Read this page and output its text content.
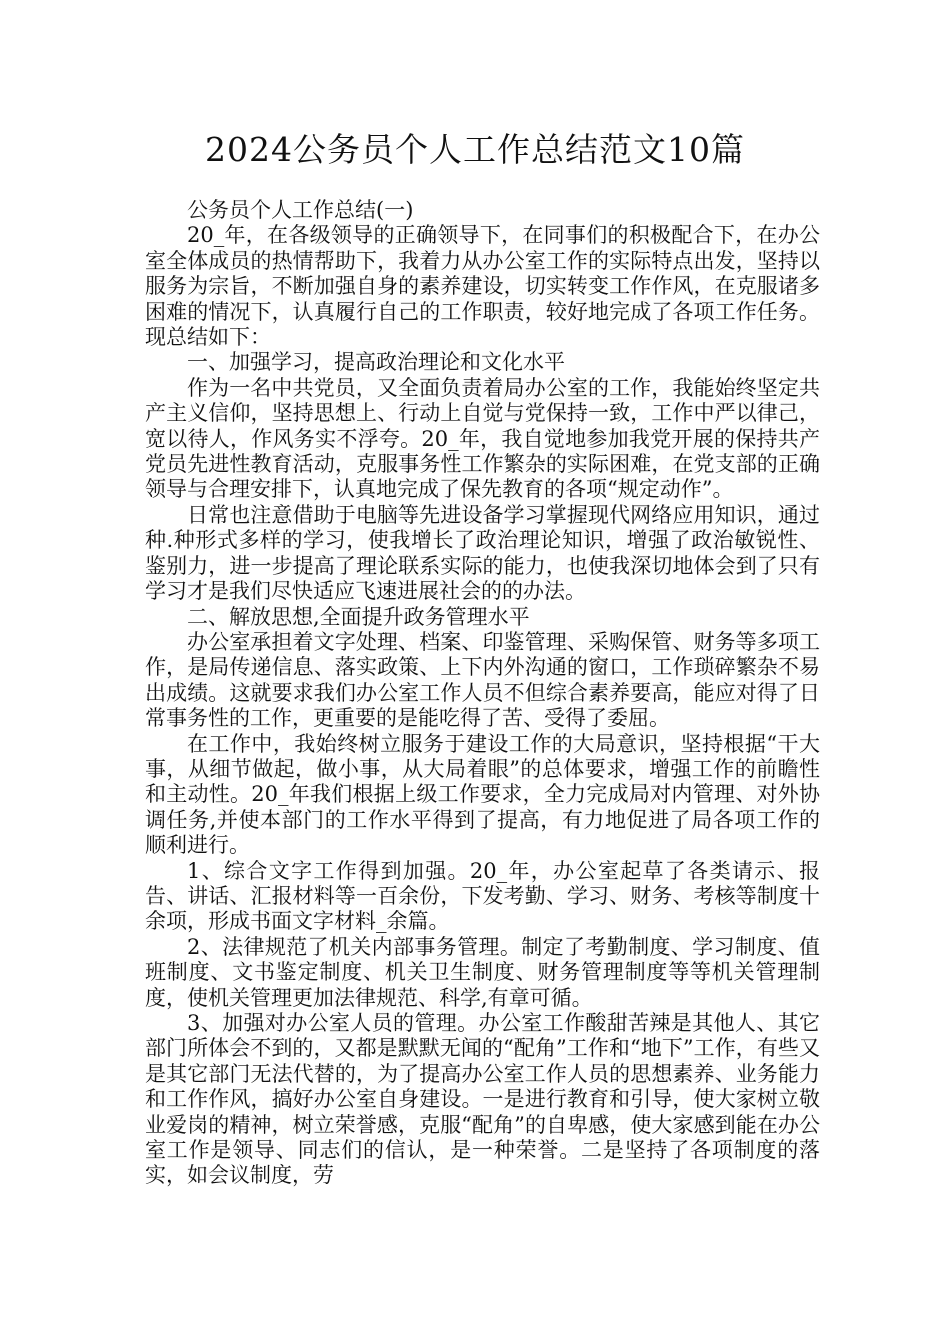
2024公务员个人工作总结范文10篇

公务员个人工作总结(一)

20_年，在各级领导的正确领导下，在同事们的积极配合下，在办公室全体成员的热情帮助下，我着力从办公室工作的实际特点出发，坚持以服务为宗旨，不断加强自身的素养建设，切实转变工作作风，在克服诸多困难的情况下，认真履行自己的工作职责，较好地完成了各项工作任务。现总结如下：

一、加强学习，提高政治理论和文化水平

作为一名中共党员，又全面负责着局办公室的工作，我能始终坚定共产主义信仰，坚持思想上、行动上自觉与党保持一致，工作中严以律己，宽以待人，作风务实不浮夸。20_年，我自觉地参加我党开展的保持共产党员先进性教育活动，克服事务性工作繁杂的实际困难，在党支部的正确领导与合理安排下，认真地完成了保先教育的各项“规定动作”。

日常也注意借助于电脑等先进设备学习掌握现代网络应用知识，通过种.种形式多样的学习，使我增长了政治理论知识，增强了政治敏锐性、鉴别力，进一步提高了理论联系实际的能力，也使我深切地体会到了只有学习才是我们尽快适应飞速进展社会的的办法。

二、解放思想,全面提升政务管理水平

办公室承担着文字处理、档案、印鉴管理、采购保管、财务等多项工作，是局传递信息、落实政策、上下内外沟通的窗口，工作琐碎繁杂不易出成绩。这就要求我们办公室工作人员不但综合素养要高，能应对得了日常事务性的工作，更重要的是能吃得了苦、受得了委屈。

在工作中，我始终树立服务于建设工作的大局意识，坚持根据“干大事，从细节做起，做小事，从大局着眼”的总体要求，增强工作的前瞻性和主动性。20_年我们根据上级工作要求，全力完成局对内管理、对外协调任务,并使本部门的工作水平得到了提高，有力地促进了局各项工作的顺利进行。

1、综合文字工作得到加强。20_年，办公室起草了各类请示、报告、讲话、汇报材料等一百余份，下发考勤、学习、财务、考核等制度十余项，形成书面文字材料_余篇。

2、法律规范了机关内部事务管理。制定了考勤制度、学习制度、值班制度、文书鉴定制度、机关卫生制度、财务管理制度等等机关管理制度，使机关管理更加法律规范、科学,有章可循。

3、加强对办公室人员的管理。办公室工作酸甜苦辣是其他人、其它部门所体会不到的，又都是默默无闻的“配角”工作和“地下”工作，有些又是其它部门无法代替的，为了提高办公室工作人员的思想素养、业务能力和工作作风，搞好办公室自身建设。一是进行教育和引导，使大家树立敬业爱岗的精神，树立荣誉感，克服“配角”的自卑感，使大家感到能在办公室工作是领导、同志们的信认，是一种荣誉。二是坚持了各项制度的落实，如会议制度，劳
